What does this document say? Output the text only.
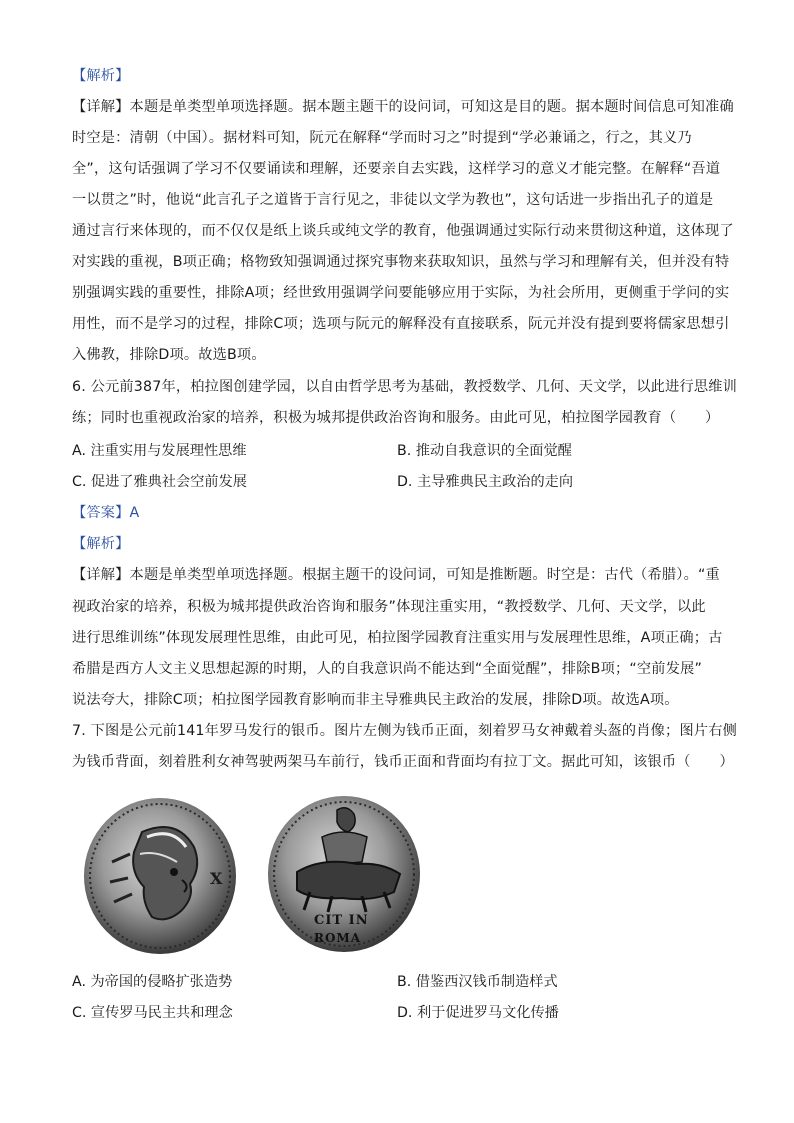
【解析】
【详解】本题是单类型单项选择题。据本题主题干的设问词，可知这是目的题。据本题时间信息可知准确
时空是：清朝（中国）。据材料可知，阮元在解释“学而时习之”时提到“学必兼诵之，行之，其义乃
全”，这句话强调了学习不仅要诵读和理解，还要亲自去实践，这样学习的意义才能完整。在解释“吾道
一以贯之”时，他说“此言孔子之道皆于言行见之，非徒以文学为教也”，这句话进一步指出孔子的道是
通过言行来体现的，而不仅仅是纸上谈兵或纯文学的教育，他强调通过实际行动来贯彻这种道，这体现了
对实践的重视，B项正确；格物致知强调通过探究事物来获取知识，虽然与学习和理解有关，但并没有特
别强调实践的重要性，排除A项；经世致用强调学问要能够应用于实际，为社会所用，更侧重于学问的实
用性，而不是学习的过程，排除C项；选项与阮元的解释没有直接联系，阮元并没有提到要将儒家思想引
入佛教，排除D项。故选B项。
6. 公元前387年，柏拉图创建学园，以自由哲学思考为基础，教授数学、几何、天文学，以此进行思维训
练；同时也重视政治家的培养，积极为城邦提供政治咨询和服务。由此可见，柏拉图学园教育（　　）
A. 注重实用与发展理性思维	B. 推动自我意识的全面觉醒
C. 促进了雅典社会空前发展	D. 主导雅典民主政治的走向
【答案】A
【解析】
【详解】本题是单类型单项选择题。根据主题干的设问词，可知是推断题。时空是：古代（希腊）。“重
视政治家的培养，积极为城邦提供政治咨询和服务”体现注重实用，“教授数学、几何、天文学，以此
进行思维训练”体现发展理性思维，由此可见，柏拉图学园教育注重实用与发展理性思维，A项正确；古
希腊是西方人文主义思想起源的时期，人的自我意识尚不能达到“全面觉醒”，排除B项；“空前发展”
说法夸大，排除C项；柏拉图学园教育影响而非主导雅典民主政治的发展，排除D项。故选A项。
7. 下图是公元前141年罗马发行的银币。图片左侧为钱币正面，刻着罗马女神戴着头盔的肖像；图片右侧
为钱币背面，刻着胜利女神驾驶两架马车前行，钱币正面和背面均有拉丁文。据此可知，该银币（　　）
X
CIT IN
ROMA
A. 为帝国的侵略扩张造势	B. 借鉴西汉钱币制造样式
C. 宣传罗马民主共和理念	D. 利于促进罗马文化传播
